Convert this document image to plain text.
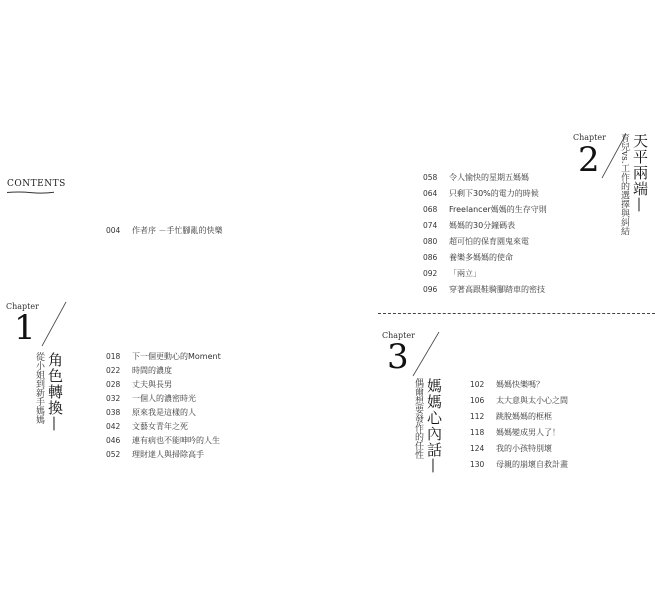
CONTENTS
004	作者序 －手忙腳亂的快樂
Chapter
1
角色轉換—
從小姐到新手媽媽	018	下一個更動心的Moment
022	時間的濃度
028	丈夫與長男
032	一個人的濃密時光
038	原來我是這樣的人
042	文藝女青年之死
046	連有病也不能呻吟的人生
052	理財達人與掃除高手
058	令人愉快的星期五媽媽
064	只剩下30%的電力的時候
068	Freelancer媽媽的生存守則
074	媽媽的30分鐘碼表
080	超可怕的保育園鬼來電
086	養樂多媽媽的使命
092	「兩立」
096	穿著高跟鞋騎腳踏車的密技
Chapter
2 天平兩端—
育兒vs.工作的選擇與糾結
Chapter
3
媽媽心內話—
偶爾想要發作的任性	102	媽媽快樂嗎？
106	太大意與太小心之間
112	跳脫媽媽的框框
118	媽媽變成男人了！
124	我的小孩特別壞
130	母親的崩壞自救計畫
